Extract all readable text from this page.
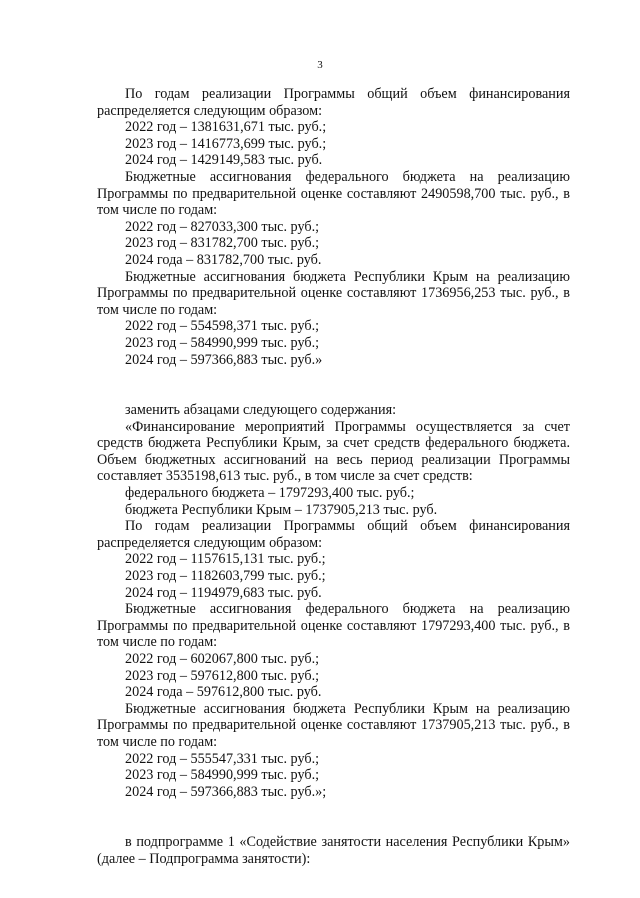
3

По годам реализации Программы общий объем финансирования

распределяется следующим образом:

2022 год – 1381631,671 тыс. руб.;

2023 год – 1416773,699 тыс. руб.;

2024 год – 1429149,583 тыс. руб.

Бюджетные ассигнования федерального бюджета на реализацию

Программы по предварительной оценке составляют 2490598,700 тыс. руб., в

том числе по годам:

2022 год – 827033,300 тыс. руб.;

2023 год – 831782,700 тыс. руб.;

2024 года – 831782,700 тыс. руб.

Бюджетные ассигнования бюджета Республики Крым на реализацию

Программы по предварительной оценке составляют 1736956,253 тыс. руб., в

том числе по годам:

2022 год – 554598,371 тыс. руб.;

2023 год – 584990,999 тыс. руб.;

2024 год – 597366,883 тыс. руб.»

заменить абзацами следующего содержания:

«Финансирование мероприятий Программы осуществляется за счет

средств бюджета Республики Крым, за счет средств федерального бюджета.

Объем бюджетных ассигнований на весь период реализации Программы

составляет 3535198,613 тыс. руб., в том числе за счет средств:

федерального бюджета – 1797293,400 тыс. руб.;

бюджета Республики Крым – 1737905,213 тыс. руб.

По годам реализации Программы общий объем финансирования

распределяется следующим образом:

2022 год – 1157615,131 тыс. руб.;

2023 год – 1182603,799 тыс. руб.;

2024 год – 1194979,683 тыс. руб.

Бюджетные ассигнования федерального бюджета на реализацию

Программы по предварительной оценке составляют 1797293,400 тыс. руб., в

том числе по годам:

2022 год – 602067,800 тыс. руб.;

2023 год – 597612,800 тыс. руб.;

2024 года – 597612,800 тыс. руб.

Бюджетные ассигнования бюджета Республики Крым на реализацию

Программы по предварительной оценке составляют 1737905,213 тыс. руб., в

том числе по годам:

2022 год – 555547,331 тыс. руб.;

2023 год – 584990,999 тыс. руб.;

2024 год – 597366,883 тыс. руб.»;

в подпрограмме 1 «Содействие занятости населения Республики Крым»

(далее – Подпрограмма занятости):
